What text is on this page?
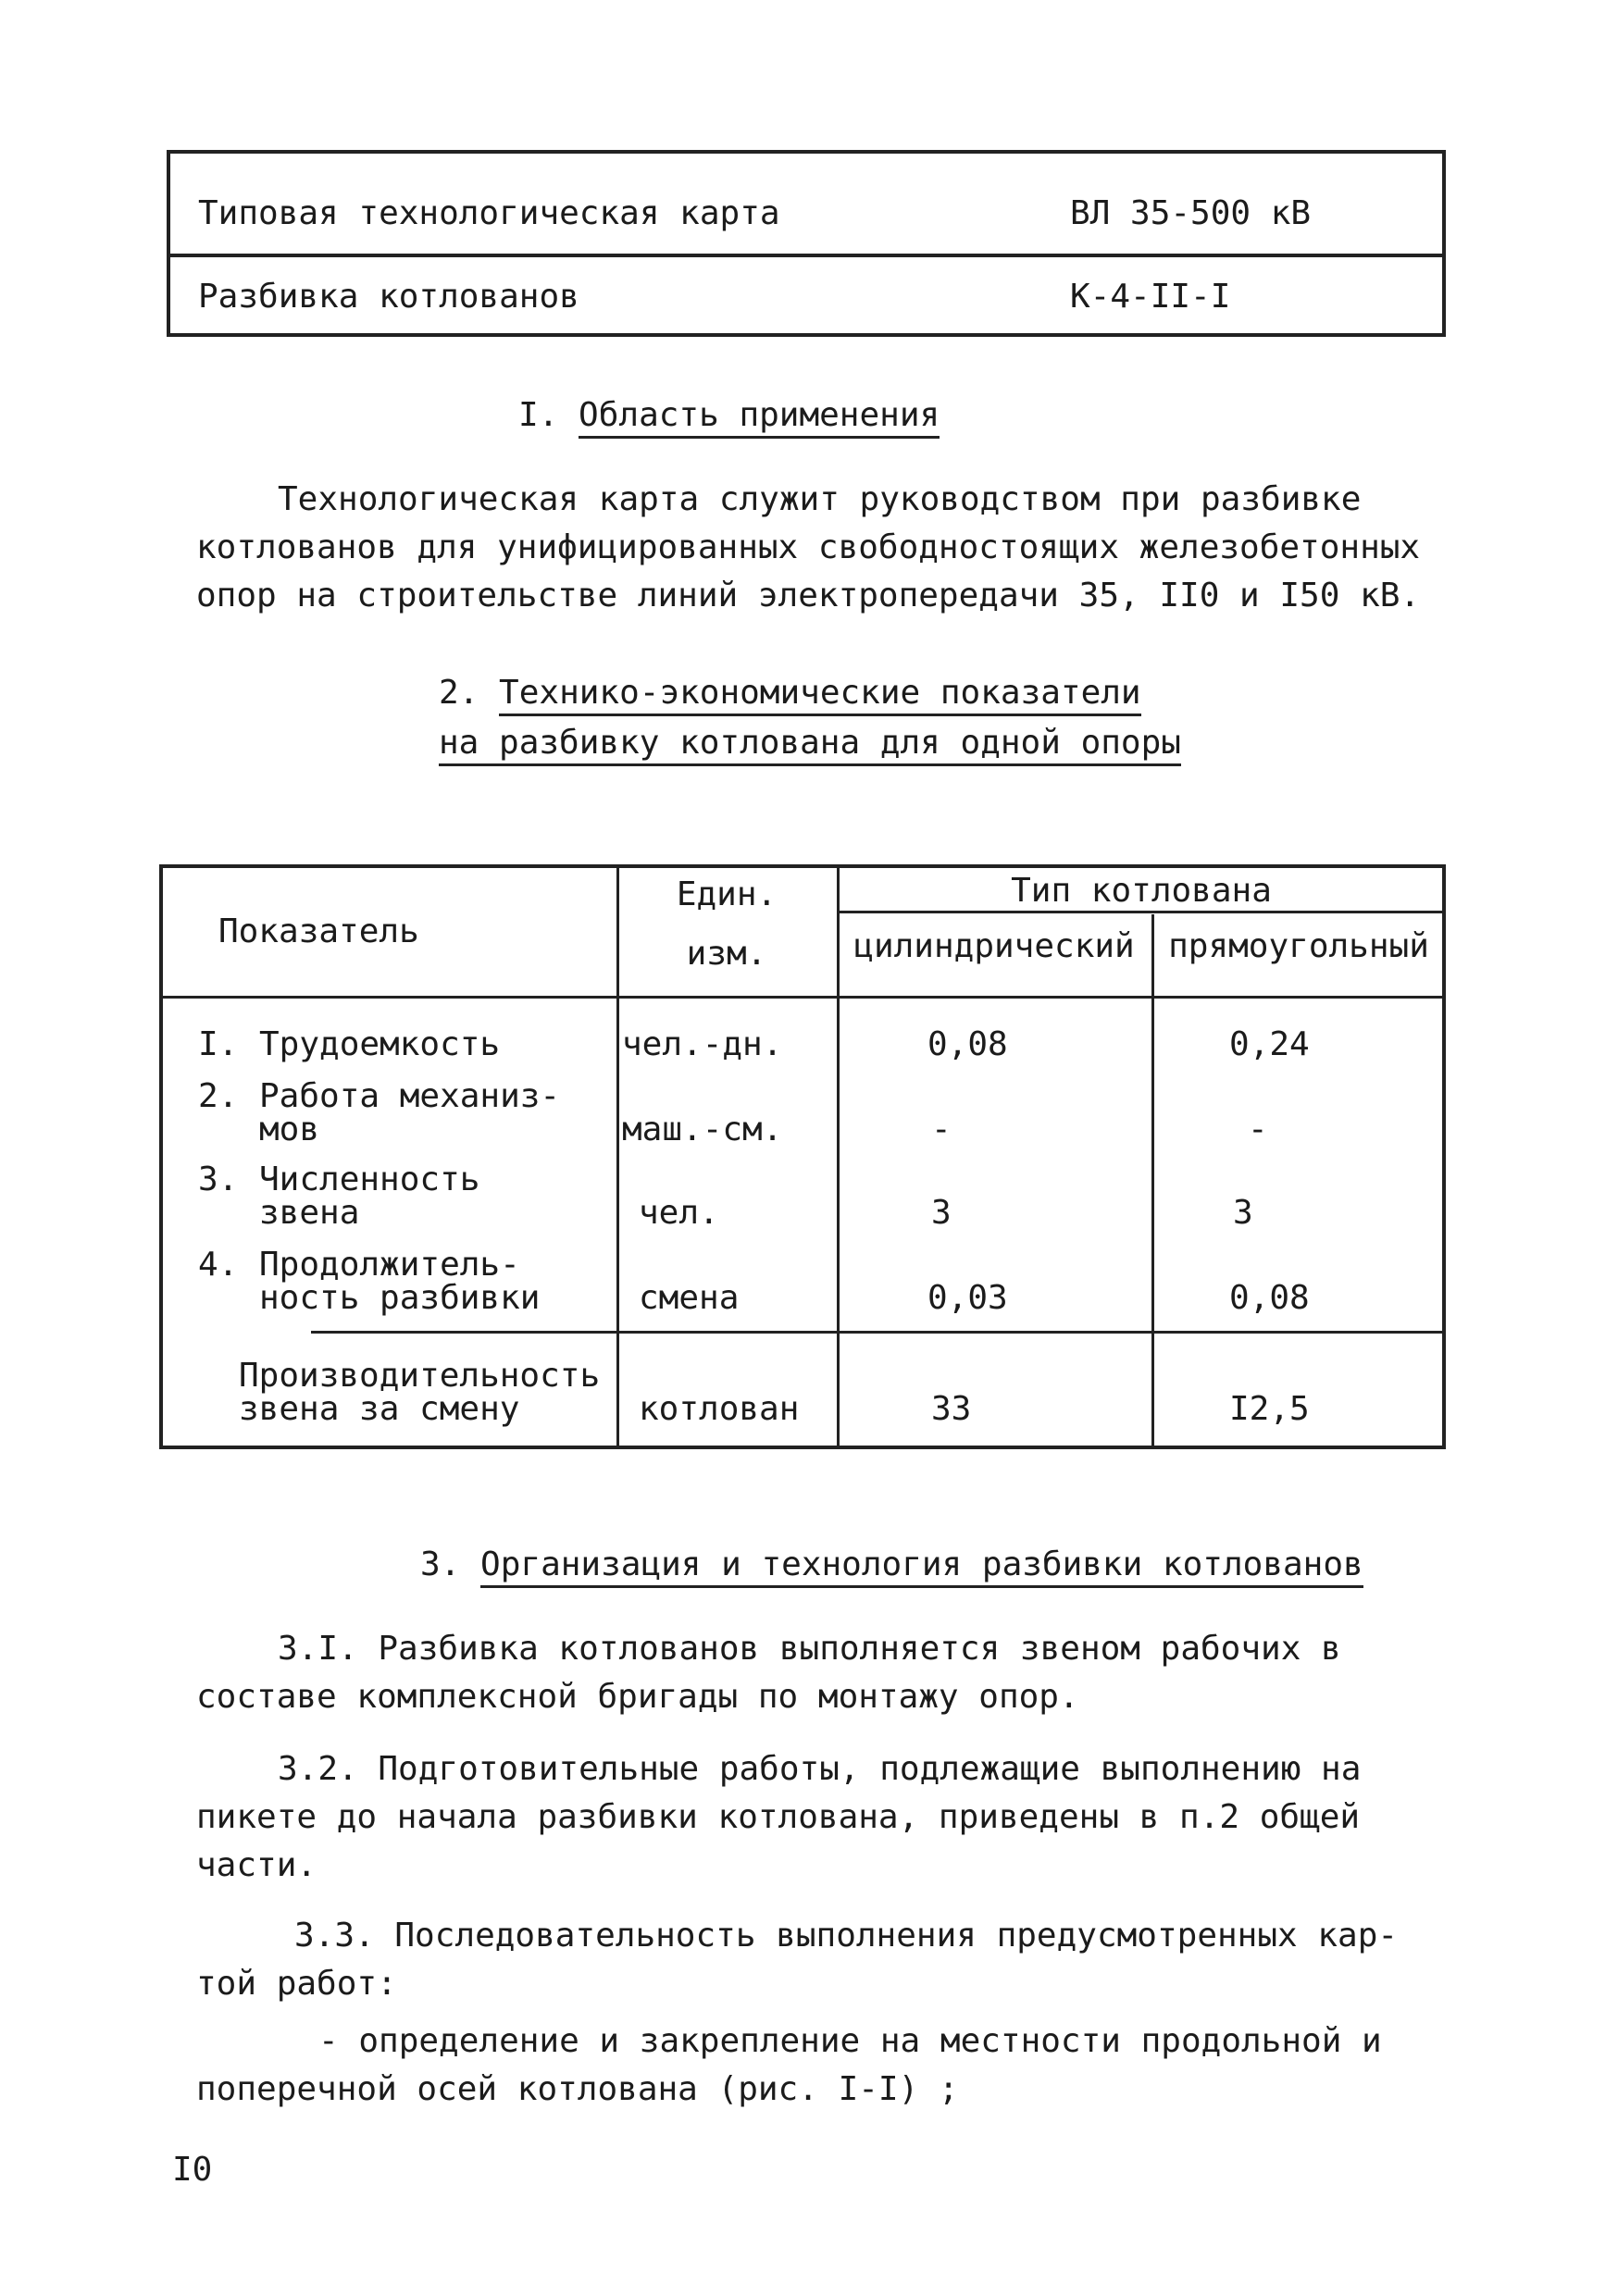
Типовая технологическая карта	ВЛ 35-500 кВ
Разбивка котлованов	К-4-II-I
I. Область применения

Технологическая карта служит руководством при разбивке

котлованов для унифицированных свободностоящих железобетонных

опор на строительстве линий электропередачи 35, II0 и I50 кВ.

2. Технико-экономические показатели
на разбивку котлована для одной опоры
Показатель
Един.
изм.
Тип котлована
цилиндрический	прямоугольный
I. Трудоемкость	чел.-дн.	0,08	0,24
2. Работа механиз-
мов	маш.-см.	-	-
3. Численность
звена	чел.	3	3
4. Продолжитель-
ность разбивки	смена	0,03	0,08
Производительность
звена за смену	котлован	33	I2,5
3. Организация и технология разбивки котлованов

3.I. Разбивка котлованов выполняется звеном рабочих в

составе комплексной бригады по монтажу опор.

3.2. Подготовительные работы, подлежащие выполнению на

пикете до начала разбивки котлована, приведены в п.2 общей

части.

3.3. Последовательность выполнения предусмотренных кар-

той работ:

- определение и закрепление на местности продольной и

поперечной осей котлована (рис. I-I) ;

I0
